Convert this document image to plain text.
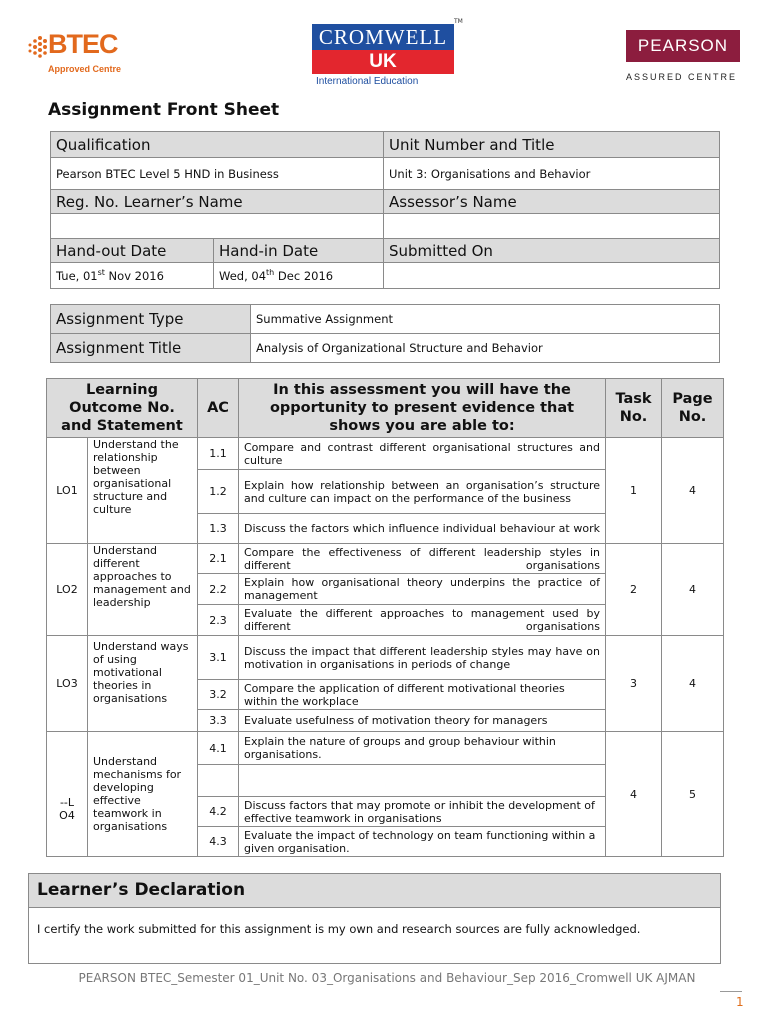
BTEC
Approved Centre
CROMWELL
UK
TM
International Education
PEARSON
ASSURED CENTRE
Assignment Front Sheet
Qualification		Unit Number and Title
Pearson BTEC Level 5 HND in Business		Unit 3: Organisations and Behavior
Reg. No. Learner’s Name		Assessor’s Name

Hand-out Date	Hand-in Date	Submitted On
Tue, 01st Nov 2016	Wed, 04th Dec 2016	
Assignment Type	Summative Assignment
Assignment Title	Analysis of Organizational Structure and Behavior
Learning Outcome No. and Statement		AC	In this assessment you will have the opportunity to present evidence that shows you are able to:	Task No.	Page No.
LO1	Understand the relationship between organisational structure and culture	1.1	Compare and contrast different organisational structures and culture	1	4
		1.2	Explain how relationship between an organisation’s structure and culture can impact on the performance of the business		
		1.3	Discuss the factors which influence individual behaviour at work		
LO2	Understand different approaches to management and leadership	2.1	Compare the effectiveness of different leadership styles in different organisations	2	4
		2.2	Explain how organisational theory underpins the practice of management		
		2.3	Evaluate the different approaches to management used by different organisations		
LO3	Understand ways of using motivational theories in organisations	3.1	Discuss the impact that different leadership styles may have on motivation in organisations in periods of change	3	4
		3.2	Compare the application of different motivational theories within the workplace		
		3.3	Evaluate usefulness of motivation theory for managers		
--L
O4	Understand mechanisms for developing effective teamwork in organisations	4.1	Explain the nature of groups and group behaviour within organisations.	4	5

		4.2	Discuss factors that may promote or inhibit the development of effective teamwork in organisations		
		4.3	Evaluate the impact of technology on team functioning within a given organisation.		
Learner’s Declaration
I certify the work submitted for this assignment is my own and research sources are fully acknowledged.
PEARSON BTEC_Semester 01_Unit No. 03_Organisations and Behaviour_Sep 2016_Cromwell UK AJMAN
1
